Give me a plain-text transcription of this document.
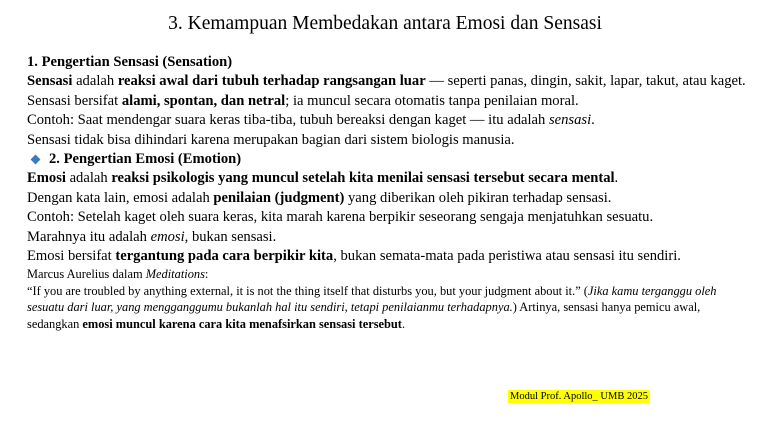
3. Kemampuan Membedakan antara Emosi dan Sensasi

1. Pengertian Sensasi (Sensation)

Sensasi adalah reaksi awal dari tubuh terhadap rangsangan luar — seperti panas, dingin, sakit, lapar, takut, atau kaget.

Sensasi bersifat alami, spontan, dan netral; ia muncul secara otomatis tanpa penilaian moral.

Contoh: Saat mendengar suara keras tiba-tiba, tubuh bereaksi dengan kaget — itu adalah sensasi.

Sensasi tidak bisa dihindari karena merupakan bagian dari sistem biologis manusia.

2. Pengertian Emosi (Emotion)

Emosi adalah reaksi psikologis yang muncul setelah kita menilai sensasi tersebut secara mental.

Dengan kata lain, emosi adalah penilaian (judgment) yang diberikan oleh pikiran terhadap sensasi.

Contoh: Setelah kaget oleh suara keras, kita marah karena berpikir seseorang sengaja menjatuhkan sesuatu.

Marahnya itu adalah emosi, bukan sensasi.

Emosi bersifat tergantung pada cara berpikir kita, bukan semata-mata pada peristiwa atau sensasi itu sendiri.

Marcus Aurelius dalam Meditations:

“If you are troubled by anything external, it is not the thing itself that disturbs you, but your judgment about it.” (Jika kamu terganggu oleh sesuatu dari luar, yang mengganggumu bukanlah hal itu sendiri, tetapi penilaianmu terhadapnya.) Artinya, sensasi hanya pemicu awal, sedangkan emosi muncul karena cara kita menafsirkan sensasi tersebut.

Modul Prof. Apollo_ UMB 2025
